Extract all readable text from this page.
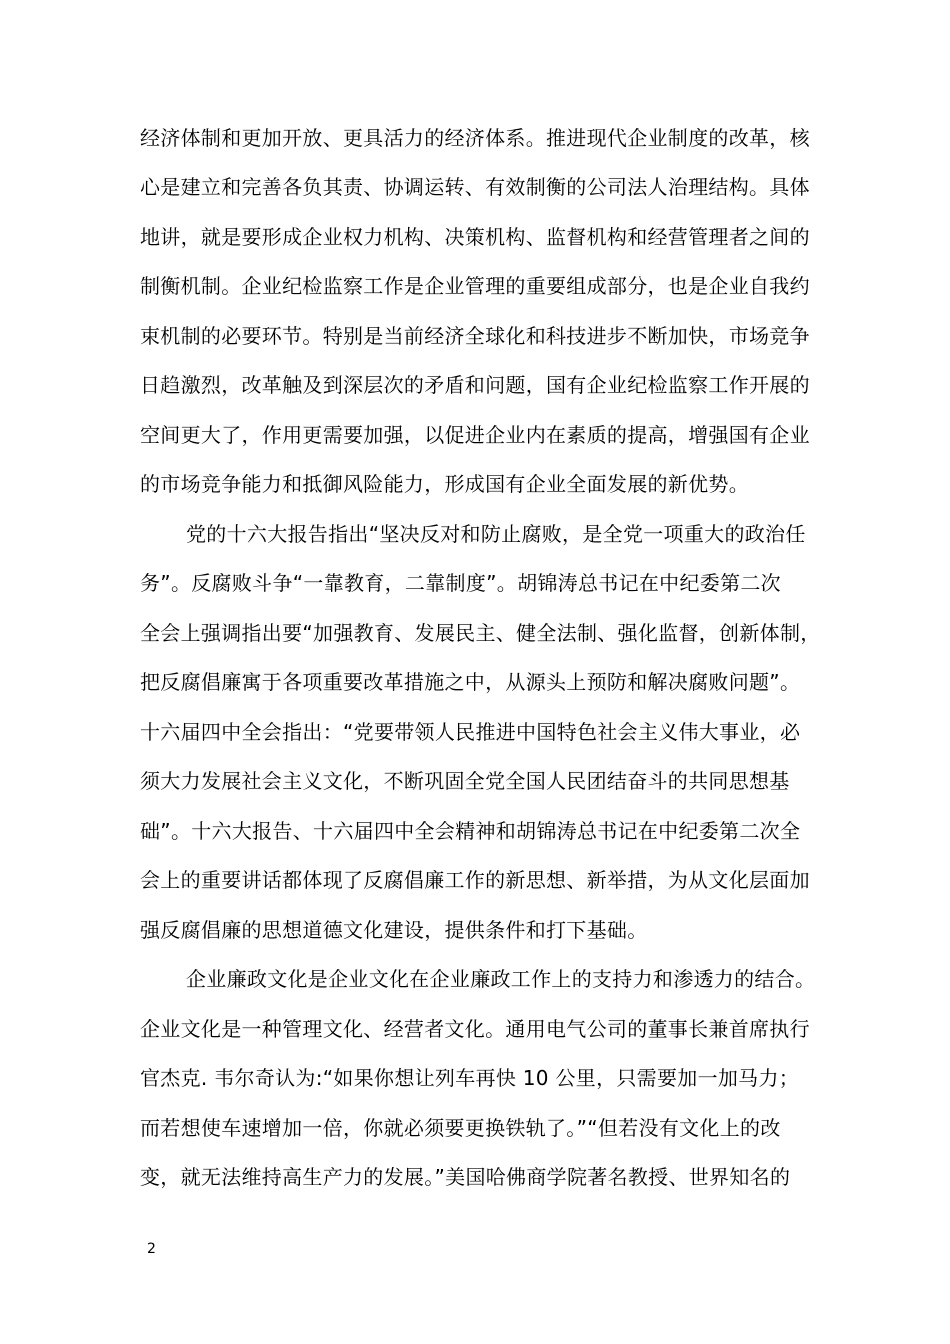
经济体制和更加开放、更具活力的经济体系。推进现代企业制度的改革，核
心是建立和完善各负其责、协调运转、有效制衡的公司法人治理结构。具体
地讲，就是要形成企业权力机构、决策机构、监督机构和经营管理者之间的
制衡机制。企业纪检监察工作是企业管理的重要组成部分，也是企业自我约
束机制的必要环节。特别是当前经济全球化和科技进步不断加快，市场竞争
日趋激烈，改革触及到深层次的矛盾和问题，国有企业纪检监察工作开展的
空间更大了，作用更需要加强，以促进企业内在素质的提高，增强国有企业
的市场竞争能力和抵御风险能力，形成国有企业全面发展的新优势。
党的十六大报告指出“坚决反对和防止腐败，是全党一项重大的政治任
务”。反腐败斗争“一靠教育，二靠制度”。胡锦涛总书记在中纪委第二次
全会上强调指出要“加强教育、发展民主、健全法制、强化监督，创新体制，
把反腐倡廉寓于各项重要改革措施之中，从源头上预防和解决腐败问题”。
十六届四中全会指出：“党要带领人民推进中国特色社会主义伟大事业，必
须大力发展社会主义文化，不断巩固全党全国人民团结奋斗的共同思想基
础”。十六大报告、十六届四中全会精神和胡锦涛总书记在中纪委第二次全
会上的重要讲话都体现了反腐倡廉工作的新思想、新举措，为从文化层面加
强反腐倡廉的思想道德文化建设，提供条件和打下基础。
企业廉政文化是企业文化在企业廉政工作上的支持力和渗透力的结合。
企业文化是一种管理文化、经营者文化。通用电气公司的董事长兼首席执行
官杰克. 韦尔奇认为:“如果你想让列车再快 10 公里，只需要加一加马力；
而若想使车速增加一倍，你就必须要更换铁轨了。”“但若没有文化上的改
变，就无法维持高生产力的发展。”美国哈佛商学院著名教授、世界知名的
2
